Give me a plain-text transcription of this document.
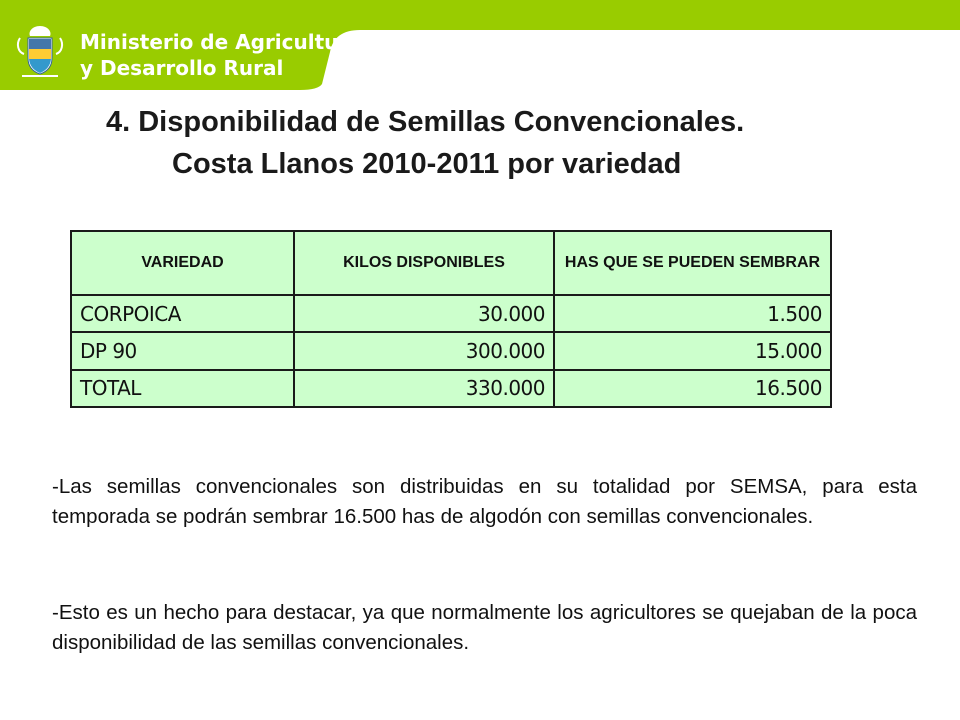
Ministerio de Agricultura
y Desarrollo Rural
4. Disponibilidad de Semillas Convencionales.
Costa Llanos 2010-2011 por variedad
VARIEDAD	KILOS DISPONIBLES	HAS QUE SE PUEDEN SEMBRAR
CORPOICA	30.000	1.500
DP 90	300.000	15.000
TOTAL	330.000	16.500
-Las semillas convencionales son distribuidas en su totalidad por SEMSA, para esta temporada se podrán sembrar 16.500 has de algodón con semillas convencionales.
-Esto es un hecho para destacar, ya que normalmente los agricultores se quejaban de la poca disponibilidad de las semillas convencionales.
